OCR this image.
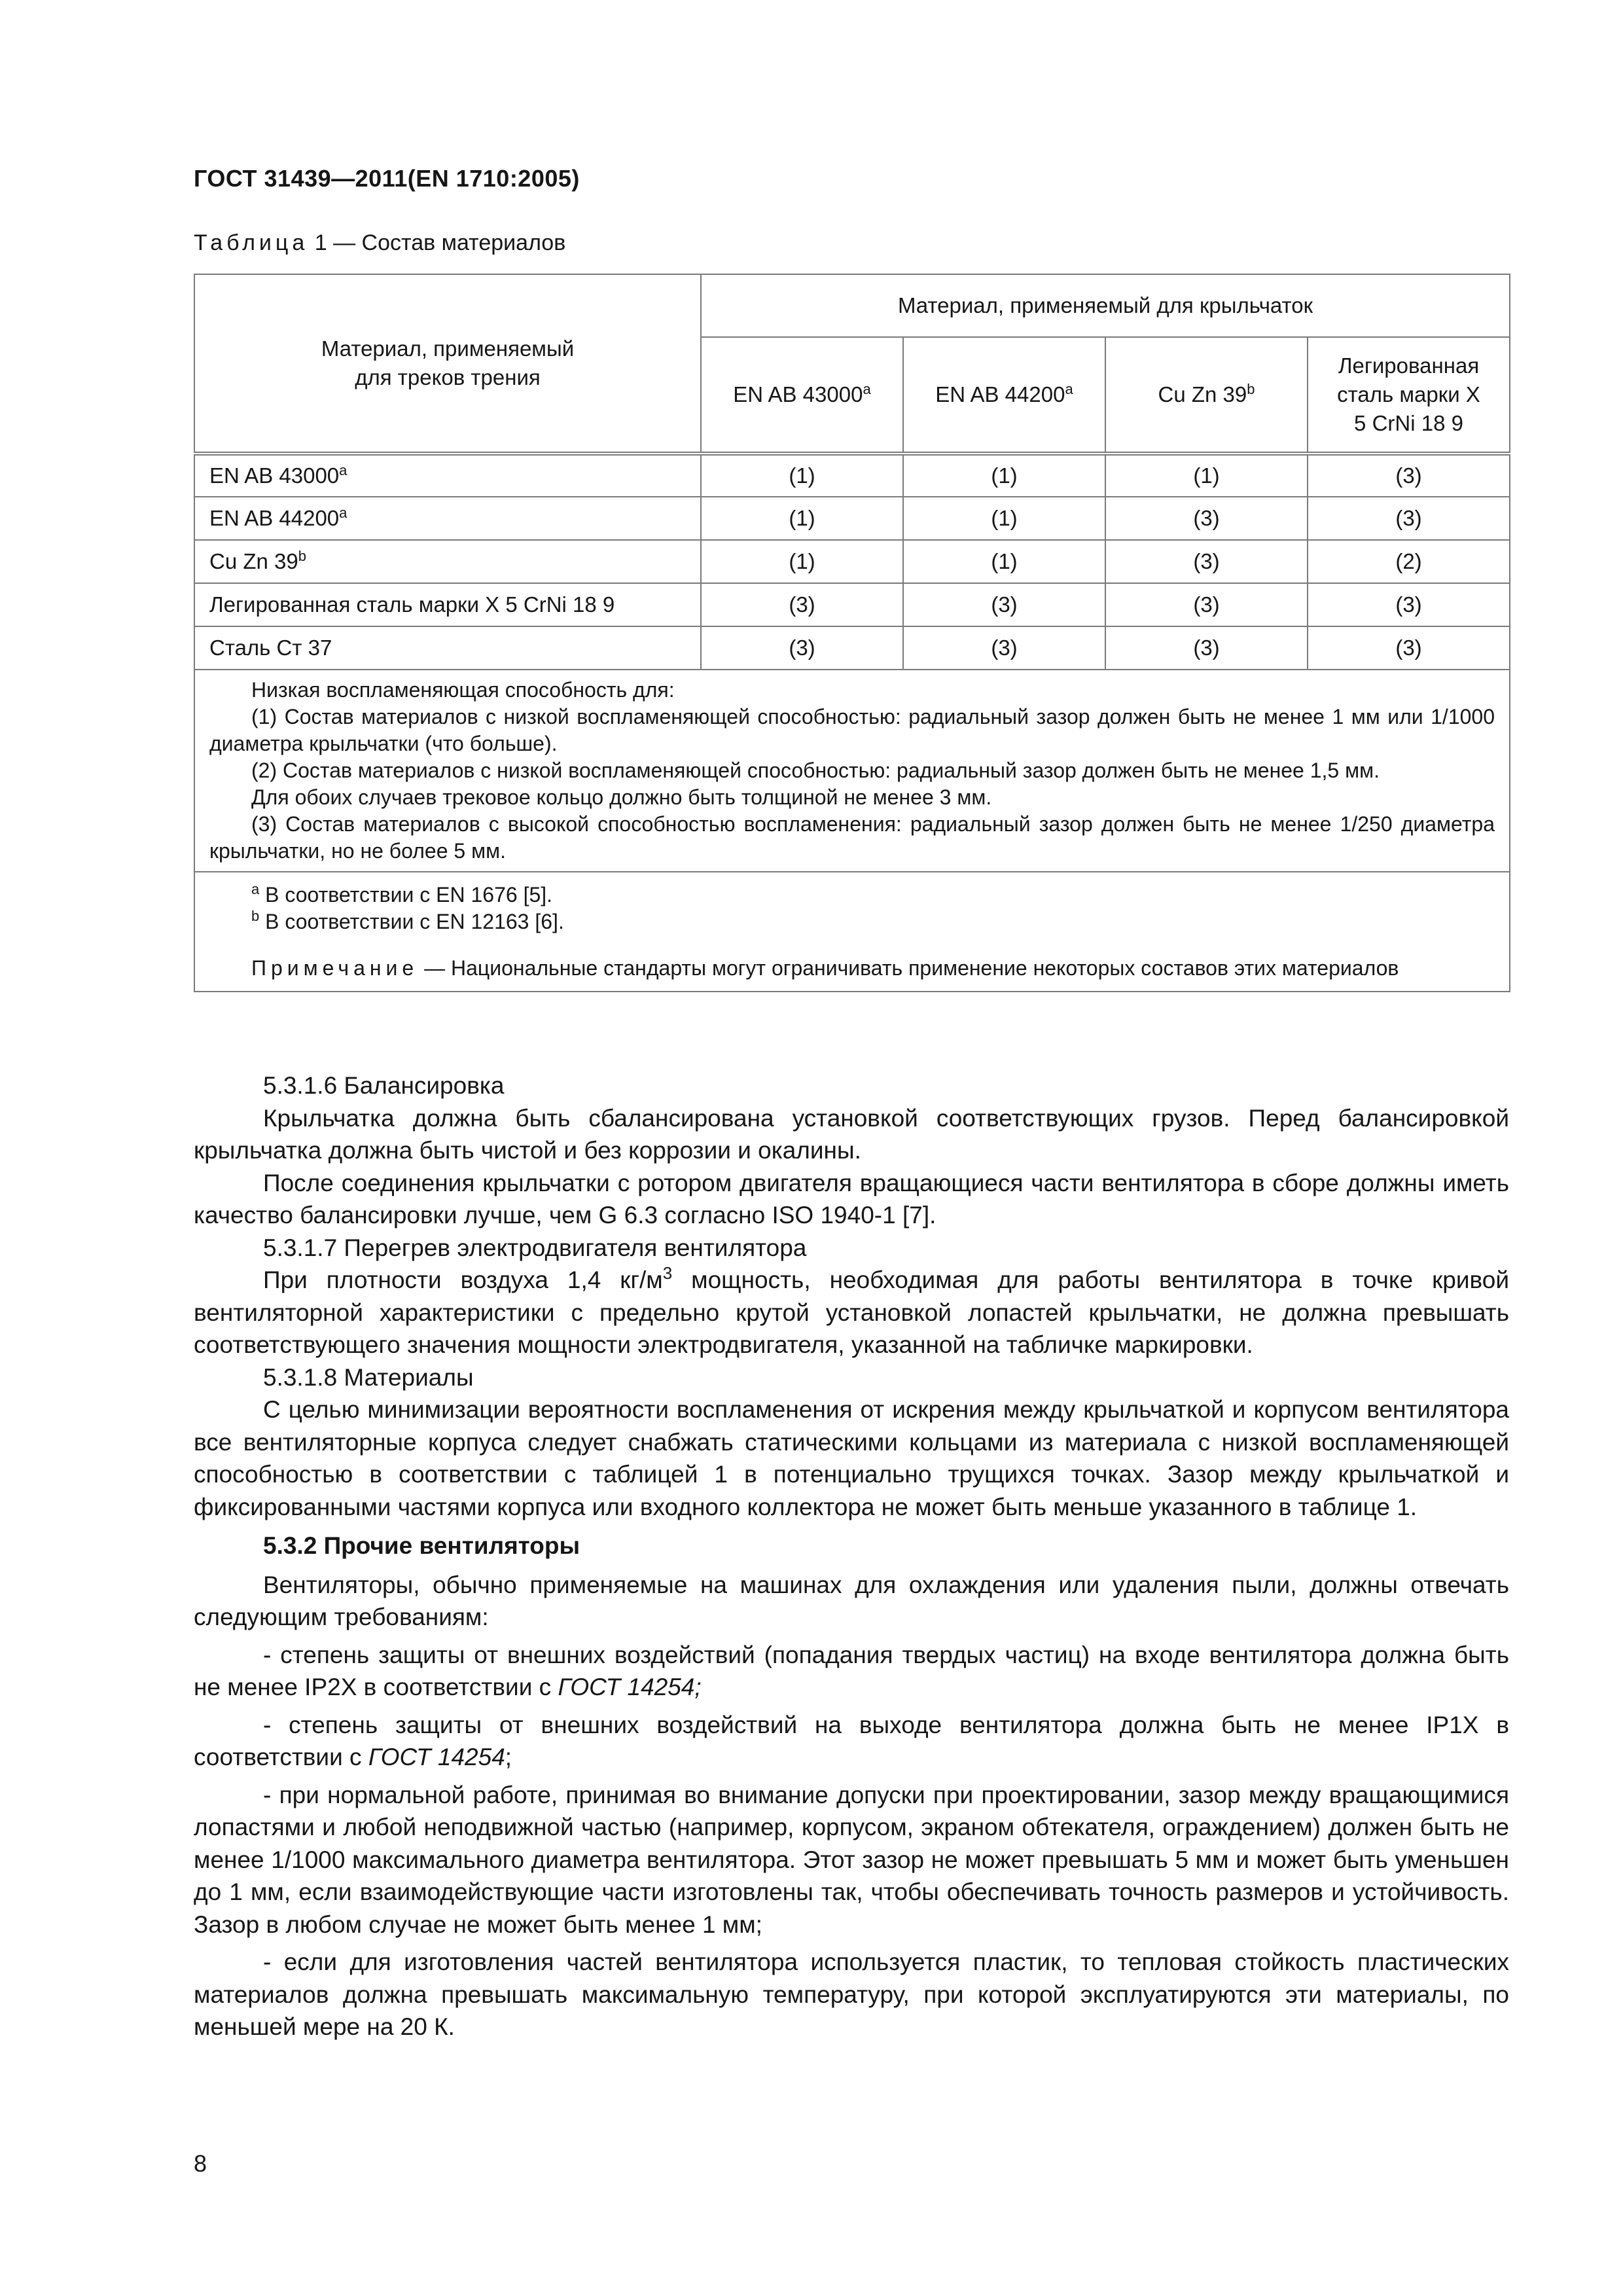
ГОСТ 31439—2011(EN 1710:2005)
Таблица 1 — Состав материалов
Материал, применяемый для треков трения	Материал, применяемый для крыльчаток			
	EN AB 43000$^a$	EN AB 44200$^a$	Cu Zn 39$^b$	Легированная сталь марки X 5 CrNi 18 9

EN AB 43000$^a$	(1)	(1)	(1)	(3)
EN AB 44200$^a$	(1)	(1)	(3)	(3)
Cu Zn 39$^b$	(1)	(1)	(3)	(2)
Легированная сталь марки X 5 CrNi 18 9	(3)	(3)	(3)	(3)
Сталь Ст 37	(3)	(3)	(3)	(3)

Низкая воспламеняющая способность для:

(1) Состав материалов с низкой воспламеняющей способностью: радиальный зазор должен быть не менее 1 мм или 1/1000 диаметра крыльчатки (что больше).

(2) Состав материалов с низкой воспламеняющей способностью: радиальный зазор должен быть не менее 1,5 мм.

Для обоих случаев трековое кольцо должно быть толщиной не менее 3 мм.

(3) Состав материалов с высокой способностью воспламенения: радиальный зазор должен быть не менее 1/250 диаметра крыльчатки, но не более 5 мм.				

$^a$ В соответствии с EN 1676 [5].

$^b$ В соответствии с EN 12163 [6].

Примечание — Национальные стандарты могут ограничивать применение некоторых составов этих материалов				

5.3.1.6 Балансировка

Крыльчатка должна быть сбалансирована установкой соответствующих грузов. Перед балансировкой крыльчатка должна быть чистой и без коррозии и окалины.

После соединения крыльчатки с ротором двигателя вращающиеся части вентилятора в сборе должны иметь качество балансировки лучше, чем G 6.3 согласно ISO 1940-1 [7].

5.3.1.7 Перегрев электродвигателя вентилятора

При плотности воздуха 1,4 $кг/м^3$ мощность, необходимая для работы вентилятора в точке кривой вентиляторной характеристики с предельно крутой установкой лопастей крыльчатки, не должна превышать соответствующего значения мощности электродвигателя, указанной на табличке маркировки.

5.3.1.8 Материалы

С целью минимизации вероятности воспламенения от искрения между крыльчаткой и корпусом вентилятора все вентиляторные корпуса следует снабжать статическими кольцами из материала с низкой воспламеняющей способностью в соответствии с таблицей 1 в потенциально трущихся точках. Зазор между крыльчаткой и фиксированными частями корпуса или входного коллектора не может быть меньше указанного в таблице 1.

5.3.2 Прочие вентиляторы

Вентиляторы, обычно применяемые на машинах для охлаждения или удаления пыли, должны отвечать следующим требованиям:

- степень защиты от внешних воздействий (попадания твердых частиц) на входе вентилятора должна быть не менее IP2X в соответствии с ГОСТ 14254;

- степень защиты от внешних воздействий на выходе вентилятора должна быть не менее IP1X в соответствии с ГОСТ 14254;

- при нормальной работе, принимая во внимание допуски при проектировании, зазор между вращающимися лопастями и любой неподвижной частью (например, корпусом, экраном обтекателя, ограждением) должен быть не менее 1/1000 максимального диаметра вентилятора. Этот зазор не может превышать 5 мм и может быть уменьшен до 1 мм, если взаимодействующие части изготовлены так, чтобы обеспечивать точность размеров и устойчивость. Зазор в любом случае не может быть менее 1 мм;

- если для изготовления частей вентилятора используется пластик, то тепловая стойкость пластических материалов должна превышать максимальную температуру, при которой эксплуатируются эти материалы, по меньшей мере на 20 К.

8
